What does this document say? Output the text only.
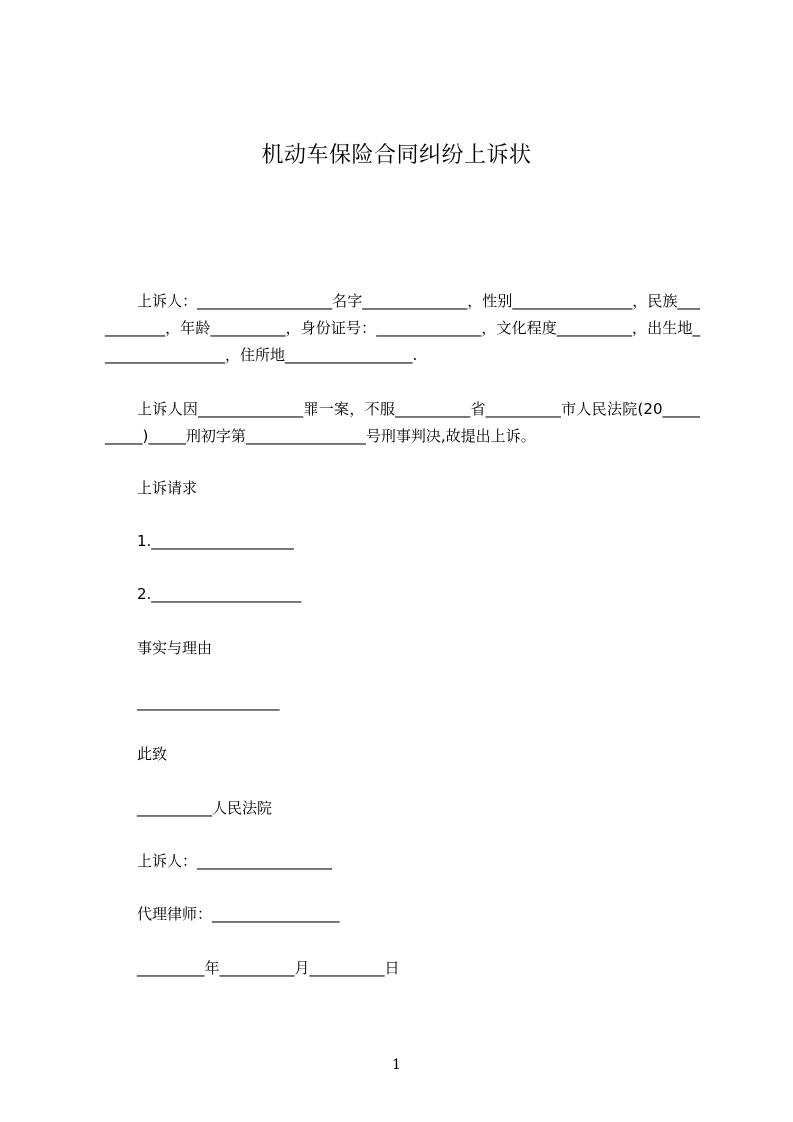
机动车保险合同纠纷上诉状

上诉人：__________________名字______________，性别________________，民族___________，年龄__________，身份证号：______________，文化程度__________，出生地_________________，住所地_________________.

上诉人因______________罪一案，不服__________省__________市人民法院(20__________)_____刑初字第________________号刑事判决,故提出上诉。

上诉请求

1.___________________

2.____________________

事实与理由

___________________

此致

__________人民法院

上诉人：__________________

代理律师：_________________

_________年__________月__________日

1
